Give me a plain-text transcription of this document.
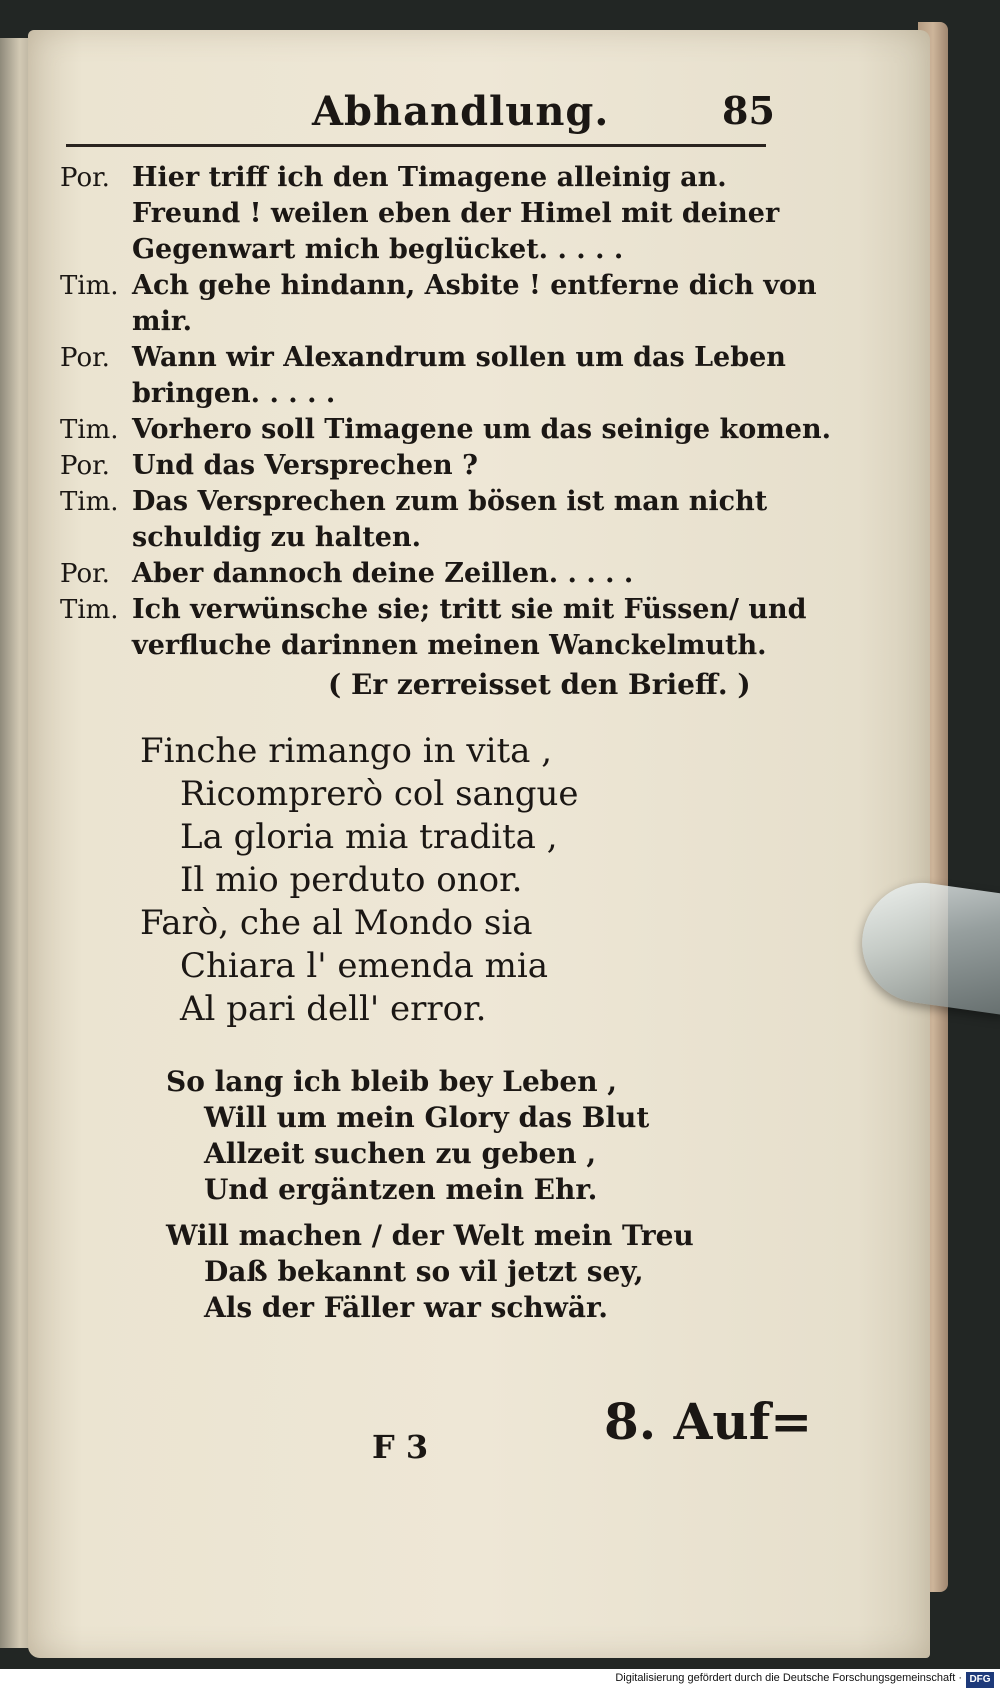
Abhandlung.	85
Por. Hier triff ich den Timagene alleinig an.
Freund ! weilen eben der Himel mit deiner
Gegenwart mich beglücket. . . . .
Tim. Ach gehe hindann, Asbite ! entferne dich von
mir.
Por. Wann wir Alexandrum sollen um das Leben
bringen. . . . .
Tim. Vorhero soll Timagene um das seinige komen.
Por. Und das Versprechen ?
Tim. Das Versprechen zum bösen ist man nicht
schuldig zu halten.
Por. Aber dannoch deine Zeillen. . . . .
Tim. Ich verwünsche sie; tritt sie mit Füssen/ und
verfluche darinnen meinen Wanckelmuth.
( Er zerreisset den Brieff. )
Finche rimango in vita ,
Ricomprerò col sangue
La gloria mia tradita ,
Il mio perduto onor.
Farò, che al Mondo sia
Chiara l' emenda mia
Al pari dell' error.
So lang ich bleib bey Leben ,
Will um mein Glory das Blut
Allzeit suchen zu geben ,
Und ergäntzen mein Ehr.
Will machen / der Welt mein Treu
Daß bekannt so vil jetzt sey,
Als der Fäller war schwär.
F 3	8. Auf=
Digitalisierung gefördert durch die Deutsche Forschungsgemeinschaft · DFG
